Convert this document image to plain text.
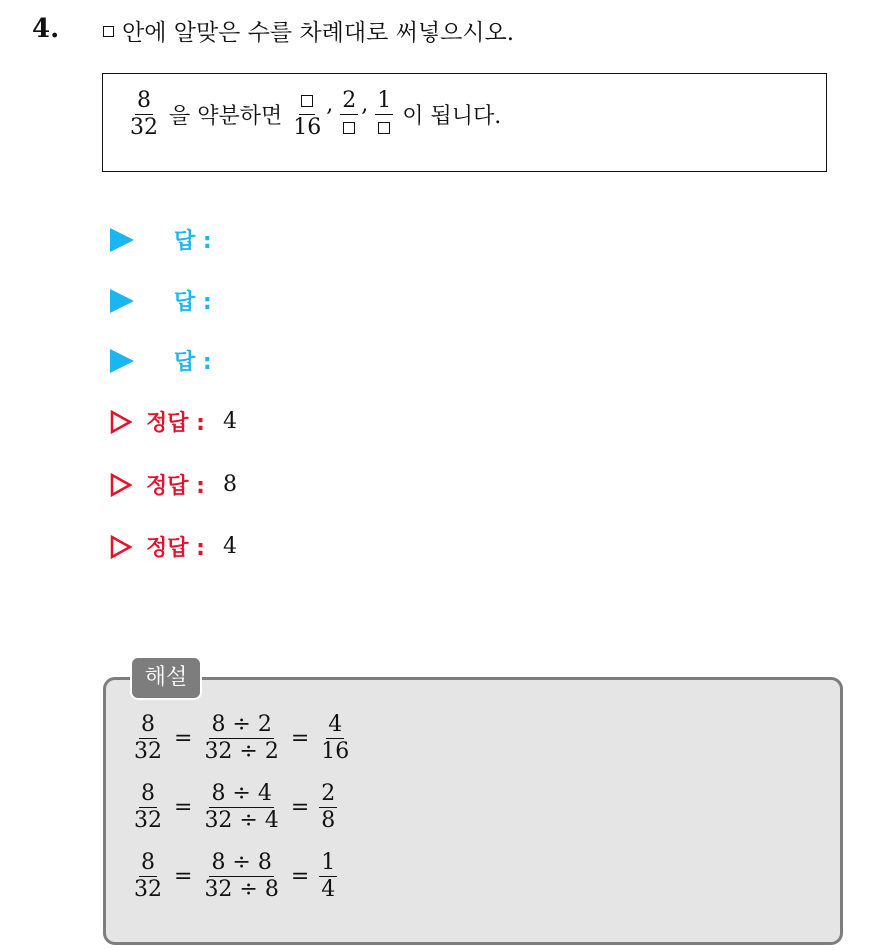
4.	안에 알맞은 수를 차례대로 써넣으시오.
$\frac{8}{32}$ 을 약분하면 16
, 2 , 1
이 됩니다.
답 :
답 :
답 :
정답 : 4
정답 : 8
정답 : 4
해설
$\frac{8}{32} = \frac{8 \div 2}{32 \div 2} = \frac{4}{16}$
$\frac{8}{32} = \frac{8 \div 4}{32 \div 4} = \frac{2}{8}$
$\frac{8}{32} = \frac{8 \div 8}{32 \div 8} = \frac{1}{4}$
